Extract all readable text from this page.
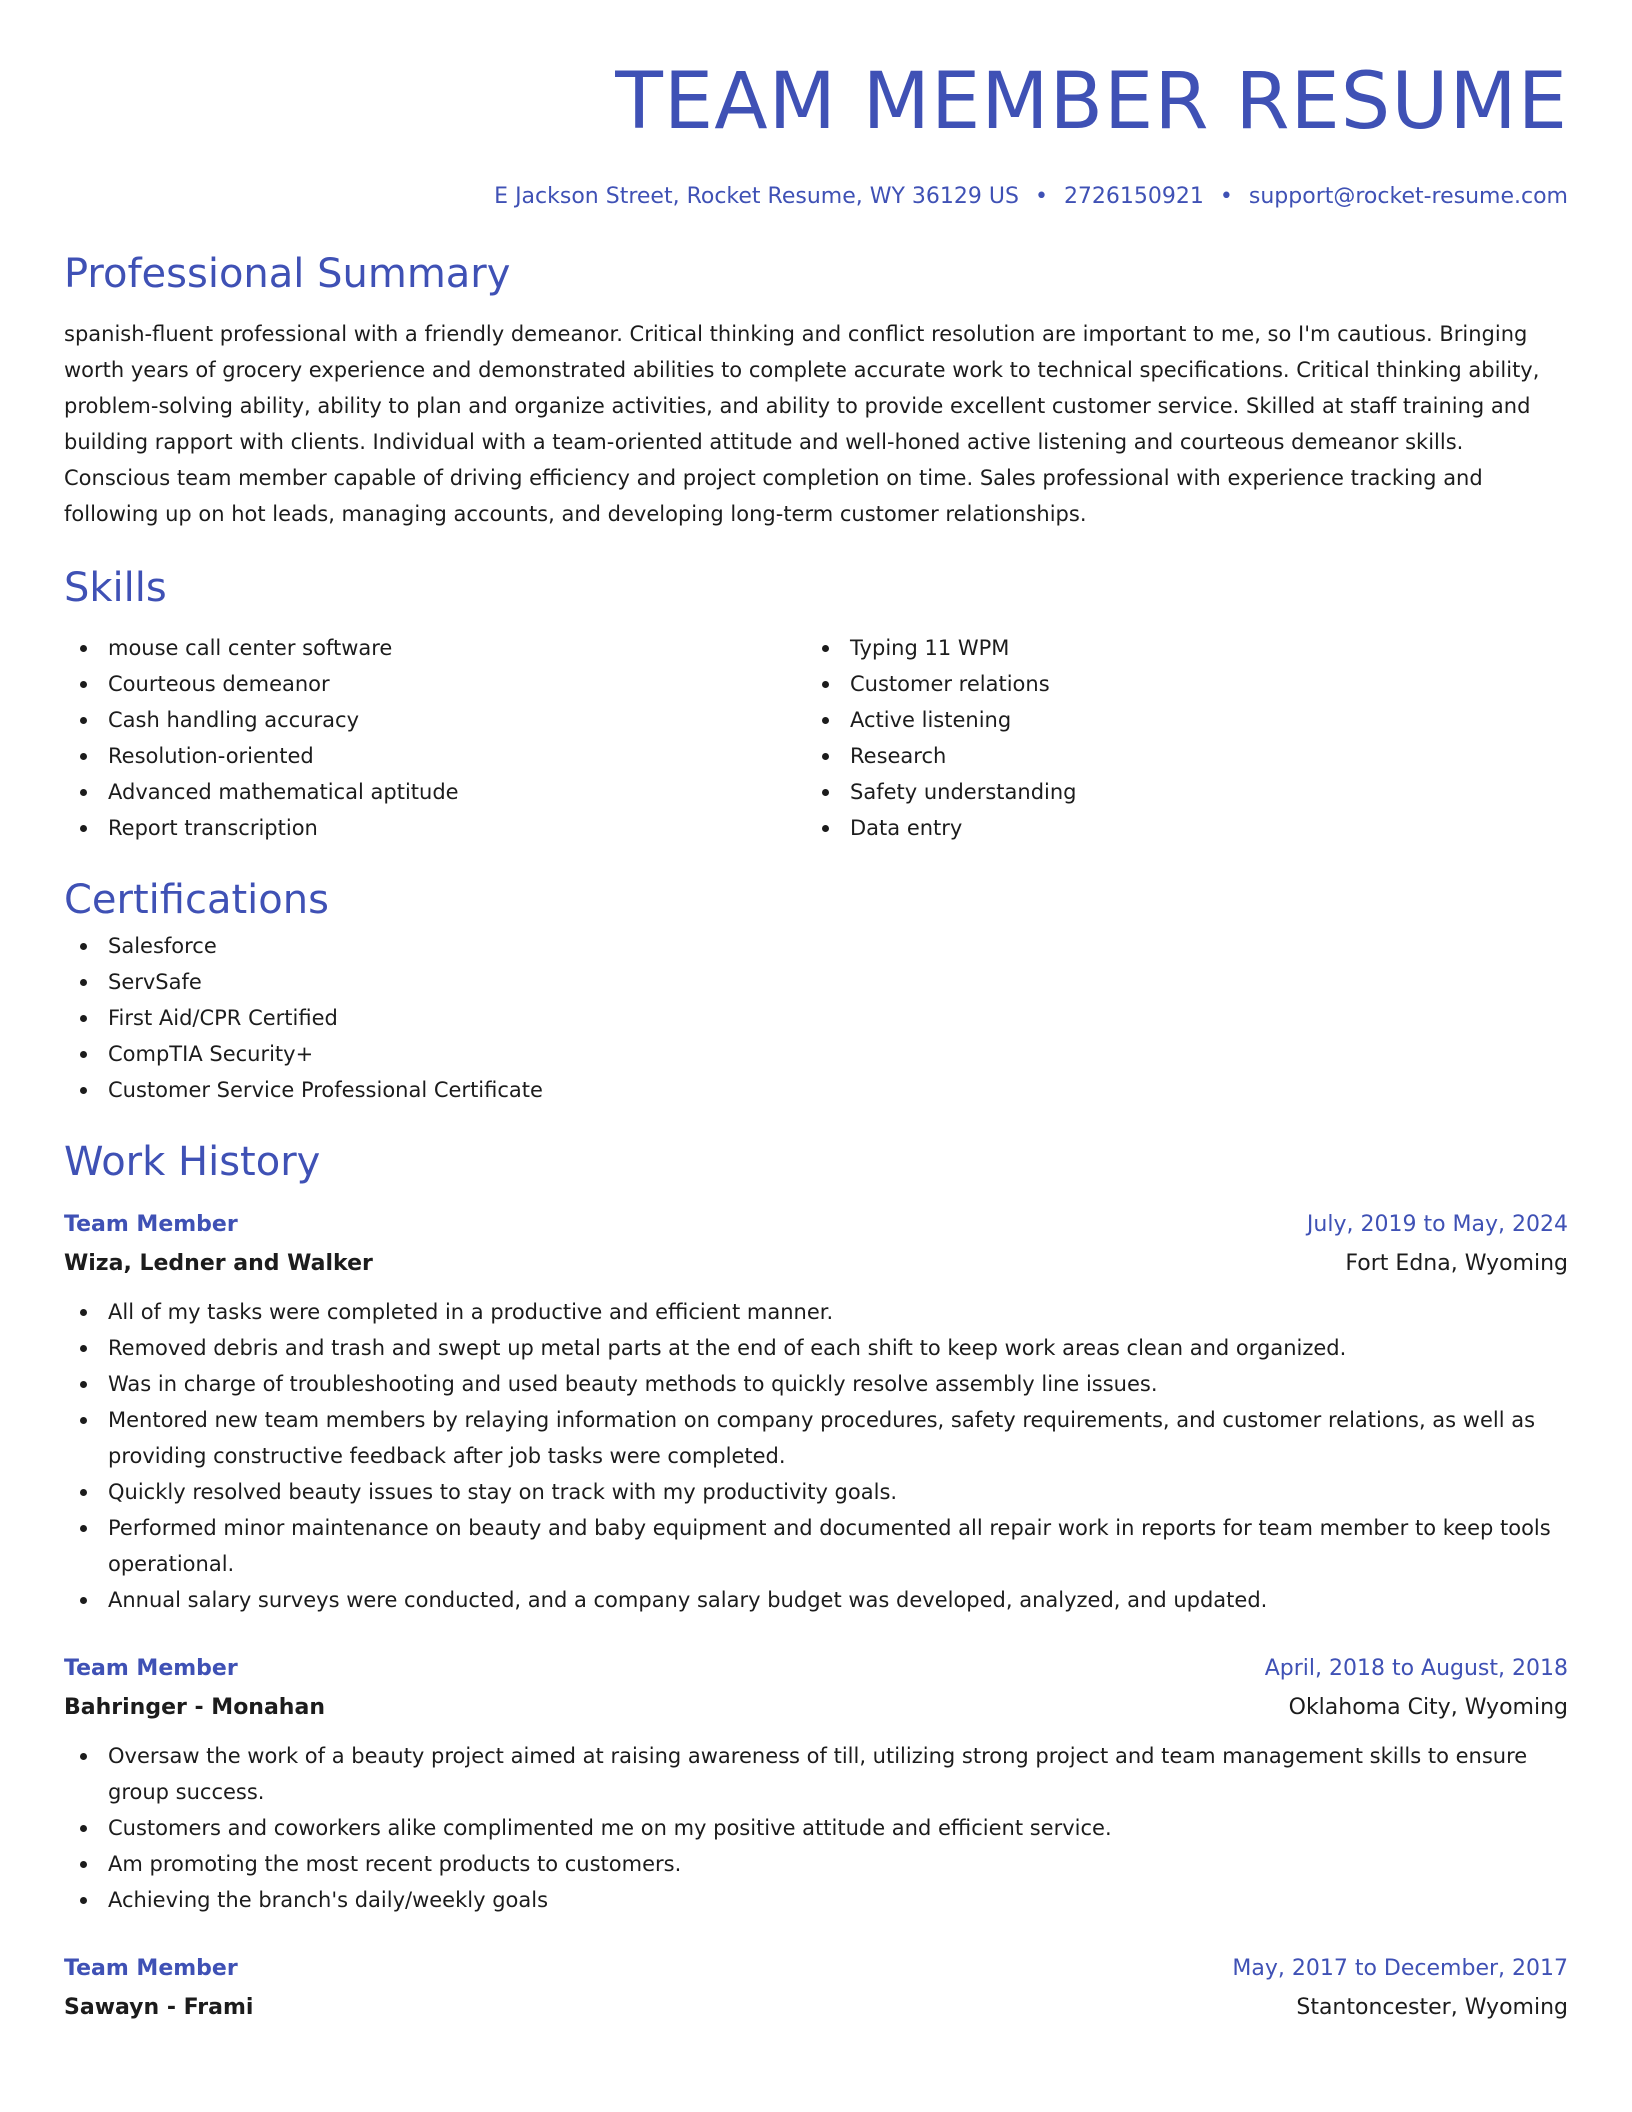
TEAM MEMBER RESUME
E Jackson Street, Rocket Resume, WY 36129 US • 2726150921 • support@rocket-resume.com
Professional Summary
spanish-fluent professional with a friendly demeanor. Critical thinking and conflict resolution are important to me, so I'm cautious. Bringing worth years of grocery experience and demonstrated abilities to complete accurate work to technical specifications. Critical thinking ability, problem-solving ability, ability to plan and organize activities, and ability to provide excellent customer service. Skilled at staff training and building rapport with clients. Individual with a team-oriented attitude and well-honed active listening and courteous demeanor skills. Conscious team member capable of driving efficiency and project completion on time. Sales professional with experience tracking and following up on hot leads, managing accounts, and developing long-term customer relationships.
Skills
mouse call center software
Courteous demeanor
Cash handling accuracy
Resolution-oriented
Advanced mathematical aptitude
Report transcription
Typing 11 WPM
Customer relations
Active listening
Research
Safety understanding
Data entry
Certifications
Salesforce
ServSafe
First Aid/CPR Certified
CompTIA Security+
Customer Service Professional Certificate
Work History
Team Member	July, 2019 to May, 2024
Wiza, Ledner and Walker	Fort Edna, Wyoming
All of my tasks were completed in a productive and efficient manner.
Removed debris and trash and swept up metal parts at the end of each shift to keep work areas clean and organized.
Was in charge of troubleshooting and used beauty methods to quickly resolve assembly line issues.
Mentored new team members by relaying information on company procedures, safety requirements, and customer relations, as well as providing constructive feedback after job tasks were completed.
Quickly resolved beauty issues to stay on track with my productivity goals.
Performed minor maintenance on beauty and baby equipment and documented all repair work in reports for team member to keep tools operational.
Annual salary surveys were conducted, and a company salary budget was developed, analyzed, and updated.
Team Member	April, 2018 to August, 2018
Bahringer - Monahan	Oklahoma City, Wyoming
Oversaw the work of a beauty project aimed at raising awareness of till, utilizing strong project and team management skills to ensure group success.
Customers and coworkers alike complimented me on my positive attitude and efficient service.
Am promoting the most recent products to customers.
Achieving the branch's daily/weekly goals
Team Member	May, 2017 to December, 2017
Sawayn - Frami	Stantoncester, Wyoming
